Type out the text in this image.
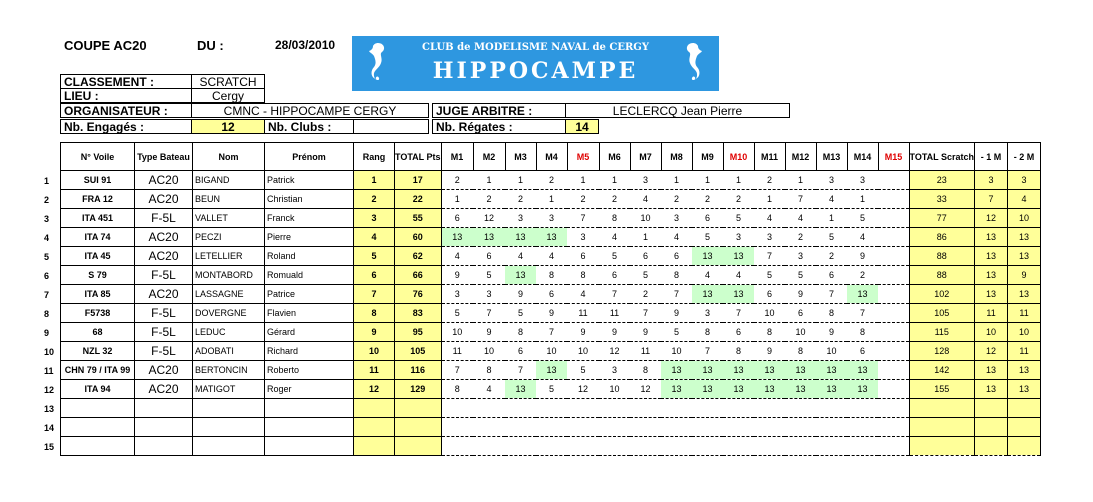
COUPE AC20	DU :	28/03/2010	CLUB de MODELISME NAVAL de CERGY
HIPPOCAMPE
CLASSEMENT :	SCRATCH
LIEU :	Cergy
ORGANISATEUR :	CMNC - HIPPOCAMPE CERGY	JUGE ARBITRE :	LECLERCQ Jean Pierre
Nb. Engagés :	12	Nb. Clubs :	Nb. Régates :	14
1
2
3
4
5
6
7
8
9
10
11
12
13
14
15
N° Voile	Type Bateau	Nom	Prénom	Rang	TOTAL Pts	M1	M2	M3	M4	M5	M6	M7	M8	M9	M10	M11	M12	M13	M14	M15	TOTAL Scratch	- 1 M	- 2 M
SUI 91	AC20	BIGAND	Patrick	1	17	2	1	1	2	1	1	3	1	1	1	2	1	3	3		23	3	3
FRA 12	AC20	BEUN	Christian	2	22	1	2	2	1	2	2	4	2	2	2	1	7	4	1		33	7	4
ITA 451	F-5L	VALLET	Franck	3	55	6	12	3	3	7	8	10	3	6	5	4	4	1	5		77	12	10
ITA 74	AC20	PECZI	Pierre	4	60	13	13	13	13	3	4	1	4	5	3	3	2	5	4		86	13	13
ITA 45	AC20	LETELLIER	Roland	5	62	4	6	4	4	6	5	6	6	13	13	7	3	2	9		88	13	13
S 79	F-5L	MONTABORD	Romuald	6	66	9	5	13	8	8	6	5	8	4	4	5	5	6	2		88	13	9
ITA 85	AC20	LASSAGNE	Patrice	7	76	3	3	9	6	4	7	2	7	13	13	6	9	7	13		102	13	13
F5738	F-5L	DOVERGNE	Flavien	8	83	5	7	5	9	11	11	7	9	3	7	10	6	8	7		105	11	11
68	F-5L	LEDUC	Gérard	9	95	10	9	8	7	9	9	9	5	8	6	8	10	9	8		115	10	10
NZL 32	F-5L	ADOBATI	Richard	10	105	11	10	6	10	10	12	11	10	7	8	9	8	10	6		128	12	11
CHN 79 / ITA 99	AC20	BERTONCIN	Roberto	11	116	7	8	7	13	5	3	8	13	13	13	13	13	13	13		142	13	13
ITA 94	AC20	MATIGOT	Roger	12	129	8	4	13	5	12	10	12	13	13	13	13	13	13	13		155	13	13
